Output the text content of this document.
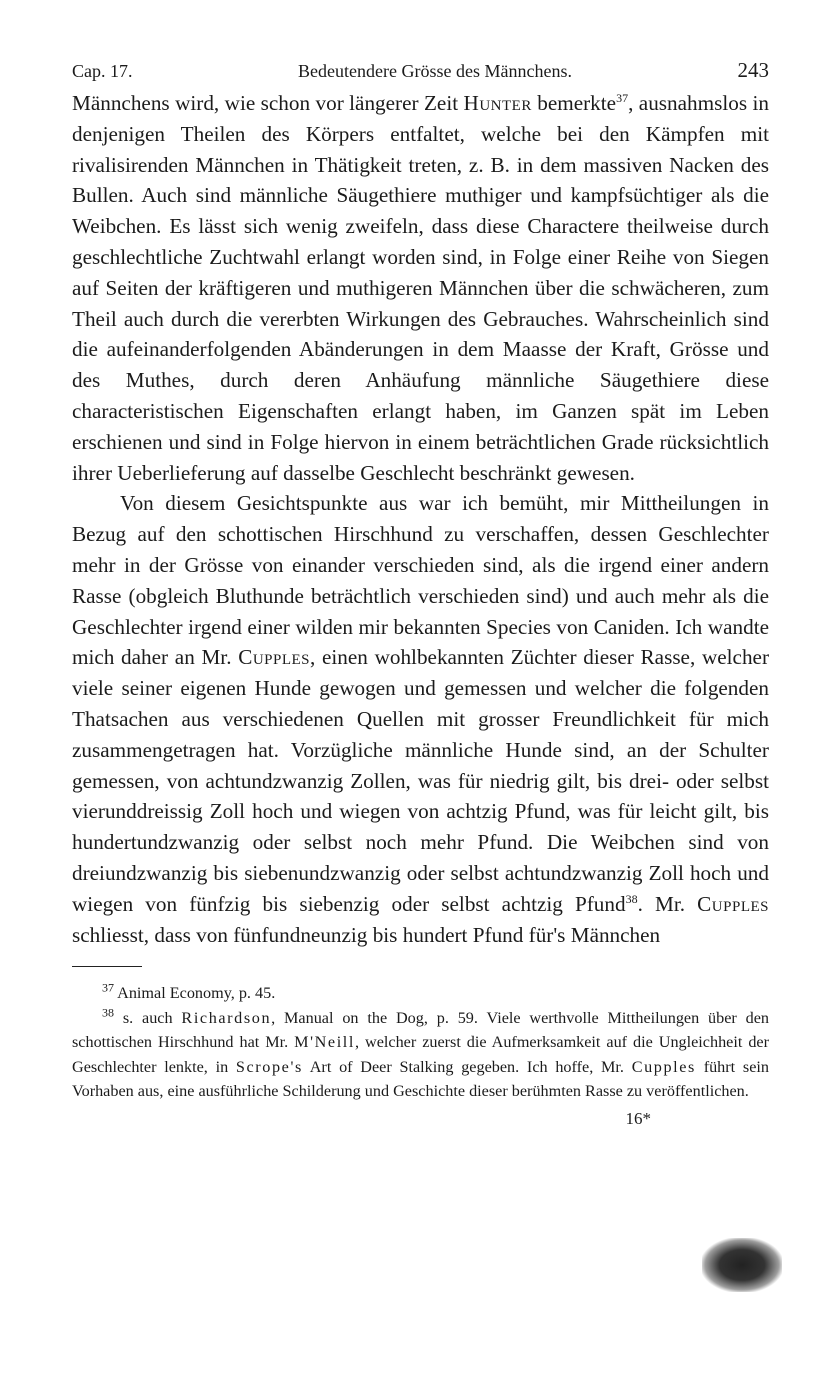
Cap. 17.	Bedeutendere Grösse des Männchens.	243

Männchens wird, wie schon vor längerer Zeit Hunter bemerkte$^{37}$, ausnahmslos in denjenigen Theilen des Körpers entfaltet, welche bei den Kämpfen mit rivalisirenden Männchen in Thätigkeit treten, z. B. in dem massiven Nacken des Bullen. Auch sind männliche Säugethiere muthiger und kampfsüchtiger als die Weibchen. Es lässt sich wenig zweifeln, dass diese Charactere theilweise durch geschlechtliche Zuchtwahl erlangt worden sind, in Folge einer Reihe von Siegen auf Seiten der kräftigeren und muthigeren Männchen über die schwächeren, zum Theil auch durch die vererbten Wirkungen des Gebrauches. Wahrscheinlich sind die aufeinanderfolgenden Abänderungen in dem Maasse der Kraft, Grösse und des Muthes, durch deren Anhäufung männliche Säugethiere diese characteristischen Eigenschaften erlangt haben, im Ganzen spät im Leben erschienen und sind in Folge hiervon in einem beträchtlichen Grade rücksichtlich ihrer Ueberlieferung auf dasselbe Geschlecht beschränkt gewesen.

Von diesem Gesichtspunkte aus war ich bemüht, mir Mittheilungen in Bezug auf den schottischen Hirschhund zu verschaffen, dessen Geschlechter mehr in der Grösse von einander verschieden sind, als die irgend einer andern Rasse (obgleich Bluthunde beträchtlich verschieden sind) und auch mehr als die Geschlechter irgend einer wilden mir bekannten Species von Caniden. Ich wandte mich daher an Mr. Cupples, einen wohlbekannten Züchter dieser Rasse, welcher viele seiner eigenen Hunde gewogen und gemessen und welcher die folgenden Thatsachen aus verschiedenen Quellen mit grosser Freundlichkeit für mich zusammengetragen hat. Vorzügliche männliche Hunde sind, an der Schulter gemessen, von achtundzwanzig Zollen, was für niedrig gilt, bis drei- oder selbst vierunddreissig Zoll hoch und wiegen von achtzig Pfund, was für leicht gilt, bis hundertundzwanzig oder selbst noch mehr Pfund. Die Weibchen sind von dreiundzwanzig bis siebenundzwanzig oder selbst achtundzwanzig Zoll hoch und wiegen von fünfzig bis siebenzig oder selbst achtzig Pfund$^{38}$. Mr. Cupples schliesst, dass von fünfundneunzig bis hundert Pfund für's Männchen

$^{37}$ Animal Economy, p. 45.

$^{38}$ s. auch Richardson, Manual on the Dog, p. 59. Viele werthvolle Mittheilungen über den schottischen Hirschhund hat Mr. M'Neill, welcher zuerst die Aufmerksamkeit auf die Ungleichheit der Geschlechter lenkte, in Scrope's Art of Deer Stalking gegeben. Ich hoffe, Mr. Cupples führt sein Vorhaben aus, eine ausführliche Schilderung und Geschichte dieser berühmten Rasse zu veröffentlichen.

16*
